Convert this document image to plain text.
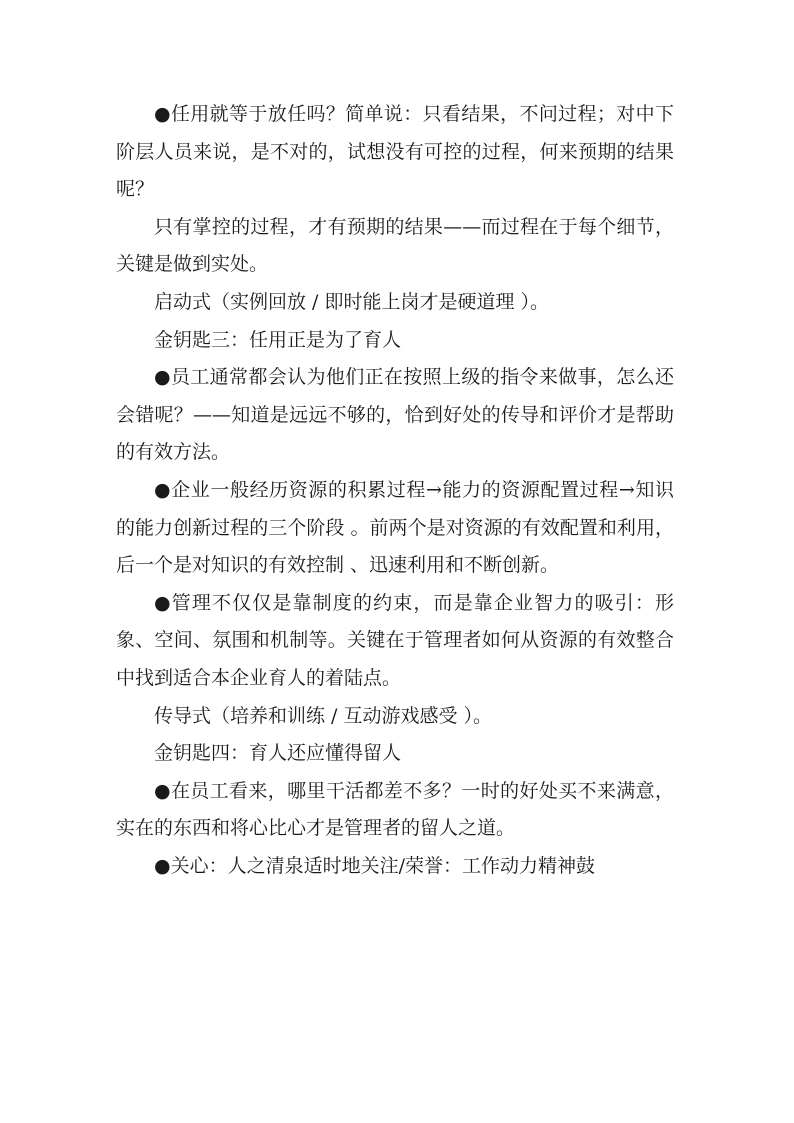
●任用就等于放任吗？简单说：只看结果，不问过程；对中下阶层人员来说，是不对的，试想没有可控的过程，何来预期的结果呢？

只有掌控的过程，才有预期的结果——而过程在于每个细节，关键是做到实处。

启动式（实例回放 / 即时能上岗才是硬道理 ）。

金钥匙三：任用正是为了育人

●员工通常都会认为他们正在按照上级的指令来做事，怎么还会错呢？——知道是远远不够的，恰到好处的传导和评价才是帮助的有效方法。

●企业一般经历资源的积累过程→能力的资源配置过程→知识的能力创新过程的三个阶段 。前两个是对资源的有效配置和利用，后一个是对知识的有效控制 、迅速利用和不断创新。

●管理不仅仅是靠制度的约束，而是靠企业智力的吸引：形象、空间、氛围和机制等。关键在于管理者如何从资源的有效整合中找到适合本企业育人的着陆点。

传导式（培养和训练 / 互动游戏感受 ）。

金钥匙四：育人还应懂得留人

●在员工看来，哪里干活都差不多？一时的好处买不来满意，实在的东西和将心比心才是管理者的留人之道。

●关心：人之清泉适时地关注/荣誉：工作动力精神鼓
